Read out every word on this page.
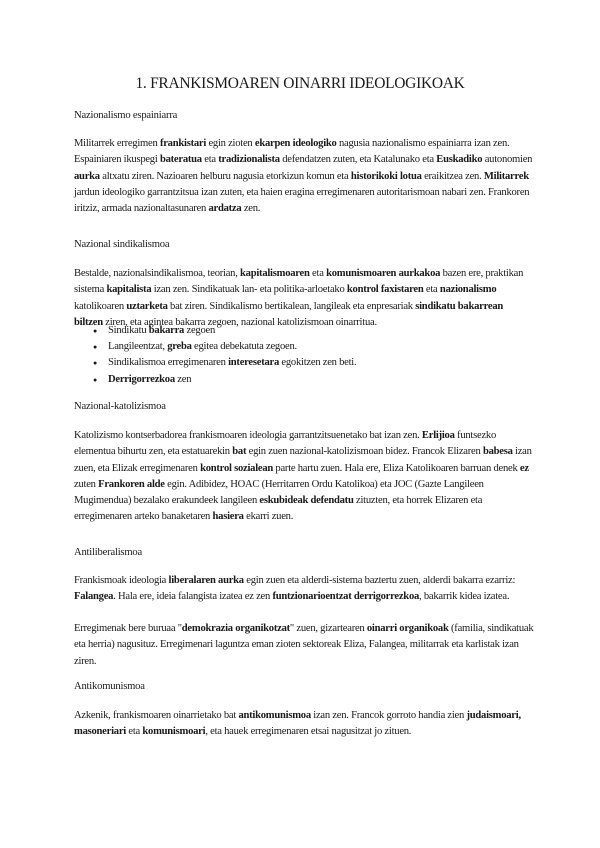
1. FRANKISMOAREN OINARRI IDEOLOGIKOAK
Nazionalismo espainiarra
Militarrek erregimen frankistari egin zioten ekarpen ideologiko nagusia nazionalismo espainiarra izan zen. Espainiaren ikuspegi bateratua eta tradizionalista defendatzen zuten, eta Katalunako eta Euskadiko autonomien aurka altxatu ziren. Nazioaren helburu nagusia etorkizun komun eta historikoki lotua eraikitzea zen. Militarrek jardun ideologiko garrantzitsua izan zuten, eta haien eragina erregimenaren autoritarismoan nabari zen. Frankoren iritziz, armada nazionaltasunaren ardatza zen.
Nazional sindikalismoa
Bestalde, nazionalsindikalismoa, teorian, kapitalismoaren eta komunismoaren aurkakoa bazen ere, praktikan sistema kapitalista izan zen. Sindikatuak lan- eta politika-arloetako kontrol faxistaren eta nazionalismo katolikoaren uztarketa bat ziren. Sindikalismo bertikalean, langileak eta enpresariak sindikatu bakarrean biltzen ziren, eta agintea bakarra zegoen, nazional katolizismoan oinarritua.
● Sindikatu bakarra zegoen
● Langileentzat, greba egitea debekatuta zegoen.
● Sindikalismoa erregimenaren interesetara egokitzen zen beti.
● Derrigorrezkoa zen
Nazional-katolizismoa
Katolizismo kontserbadorea frankismoaren ideologia garrantzitsuenetako bat izan zen. Erlijioa funtsezko elementua bihurtu zen, eta estatuarekin bat egin zuen nazional-katolizismoan bidez. Francok Elizaren babesa izan zuen, eta Elizak erregimenaren kontrol sozialean parte hartu zuen. Hala ere, Eliza Katolikoaren barruan denek ez zuten Frankoren alde egin. Adibidez, HOAC (Herritarren Ordu Katolikoa) eta JOC (Gazte Langileen Mugimendua) bezalako erakundeek langileen eskubideak defendatu zituzten, eta horrek Elizaren eta erregimenaren arteko banaketaren hasiera ekarri zuen.
Antiliberalismoa
Frankismoak ideologia liberalaren aurka egin zuen eta alderdi-sistema baztertu zuen, alderdi bakarra ezarriz: Falangea. Hala ere, ideia falangista izatea ez zen funtzionarioentzat derrigorrezkoa, bakarrik kidea izatea.
Erregimenak bere buruaa "demokrazia organikotzat" zuen, gizartearen oinarri organikoak (familia, sindikatuak eta herria) nagusituz. Erregimenari laguntza eman zioten sektoreak Eliza, Falangea, militarrak eta karlistak izan ziren.
Antikomunismoa
Azkenik, frankismoaren oinarrietako bat antikomunismoa izan zen. Francok gorroto handia zien judaismoari, masoneriari eta komunismoari, eta hauek erregimenaren etsai nagusitzat jo zituen.
